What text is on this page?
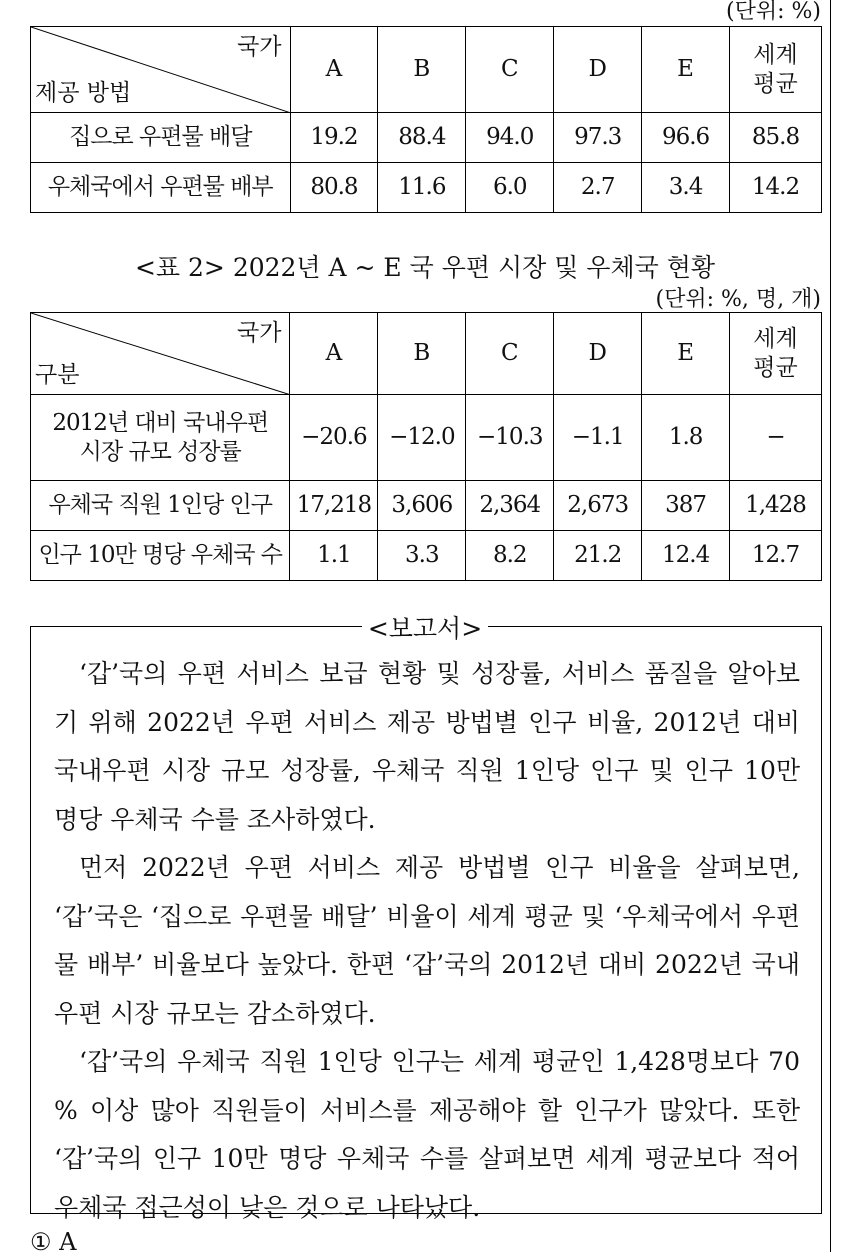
(단위: %)
국가
제공 방법	A	B	C	D	E	세계
평균
집으로 우편물 배달	19.2	88.4	94.0	97.3	96.6	85.8
우체국에서 우편물 배부	80.8	11.6	6.0	2.7	3.4	14.2
<표 2> 2022년 A ~ E 국 우편 시장 및 우체국 현황
(단위: %, 명, 개)
국가
구분	A	B	C	D	E	세계
평균
2012년 대비 국내우편
시장 규모 성장률	−20.6	−12.0	−10.3	−1.1	1.8	−
우체국 직원 1인당 인구	17,218	3,606	2,364	2,673	387	1,428
인구 10만 명당 우체국 수	1.1	3.3	8.2	21.2	12.4	12.7
<보고서>

‘갑’국의 우편 서비스 보급 현황 및 성장률, 서비스 품질을 알아보기 위해 2022년 우편 서비스 제공 방법별 인구 비율, 2012년 대비 국내우편 시장 규모 성장률, 우체국 직원 1인당 인구 및 인구 10만 명당 우체국 수를 조사하였다.

먼저 2022년 우편 서비스 제공 방법별 인구 비율을 살펴보면, ‘갑’국은 ‘집으로 우편물 배달’ 비율이 세계 평균 및 ‘우체국에서 우편물 배부’ 비율보다 높았다. 한편 ‘갑’국의 2012년 대비 2022년 국내우편 시장 규모는 감소하였다.

‘갑’국의 우체국 직원 1인당 인구는 세계 평균인 1,428명보다 70 % 이상 많아 직원들이 서비스를 제공해야 할 인구가 많았다. 또한 ‘갑’국의 인구 10만 명당 우체국 수를 살펴보면 세계 평균보다 적어 우체국 접근성이 낮은 것으로 나타났다.

① A
